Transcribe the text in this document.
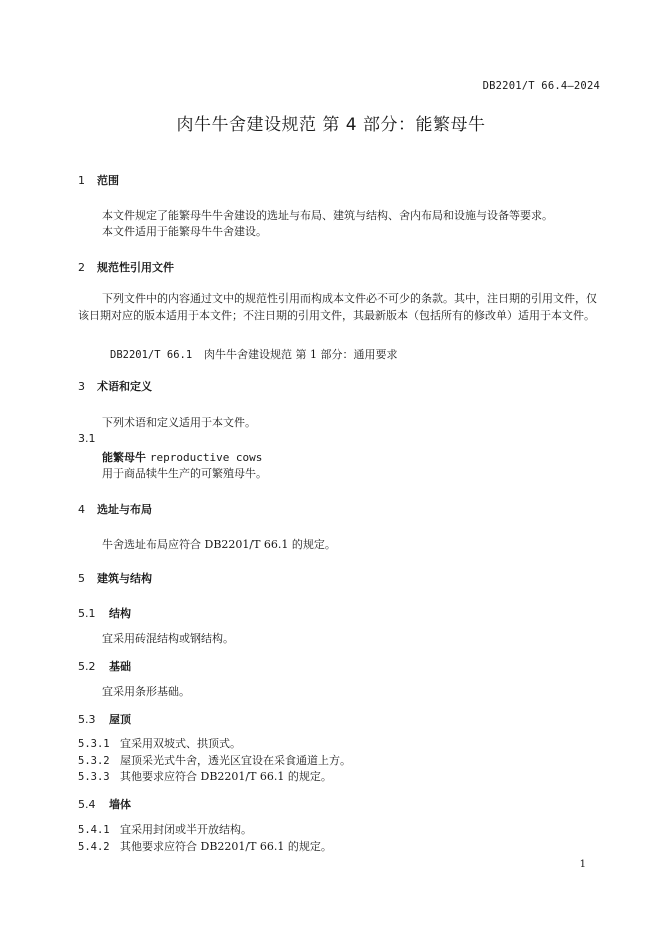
DB2201/T 66.4—2024
肉牛牛舍建设规范 第 4 部分：能繁母牛
1 范围
本文件规定了能繁母牛牛舍建设的选址与布局、建筑与结构、舍内布局和设施与设备等要求。
本文件适用于能繁母牛牛舍建设。
2 规范性引用文件
下列文件中的内容通过文中的规范性引用而构成本文件必不可少的条款。其中，注日期的引用文件，仅该日期对应的版本适用于本文件；不注日期的引用文件，其最新版本（包括所有的修改单）适用于本文件。
DB2201/T 66.1 肉牛牛舍建设规范 第 1 部分：通用要求
3 术语和定义
下列术语和定义适用于本文件。
3.1
能繁母牛 reproductive cows
用于商品犊牛生产的可繁殖母牛。
4 选址与布局
牛舍选址布局应符合 DB2201/T 66.1 的规定。
5 建筑与结构
5.1 结构
宜采用砖混结构或钢结构。
5.2 基础
宜采用条形基础。
5.3 屋顶
5.3.1 宜采用双坡式、拱顶式。
5.3.2 屋顶采光式牛舍，透光区宜设在采食通道上方。
5.3.3 其他要求应符合 DB2201/T 66.1 的规定。
5.4 墙体
5.4.1 宜采用封闭或半开放结构。
5.4.2 其他要求应符合 DB2201/T 66.1 的规定。
1
